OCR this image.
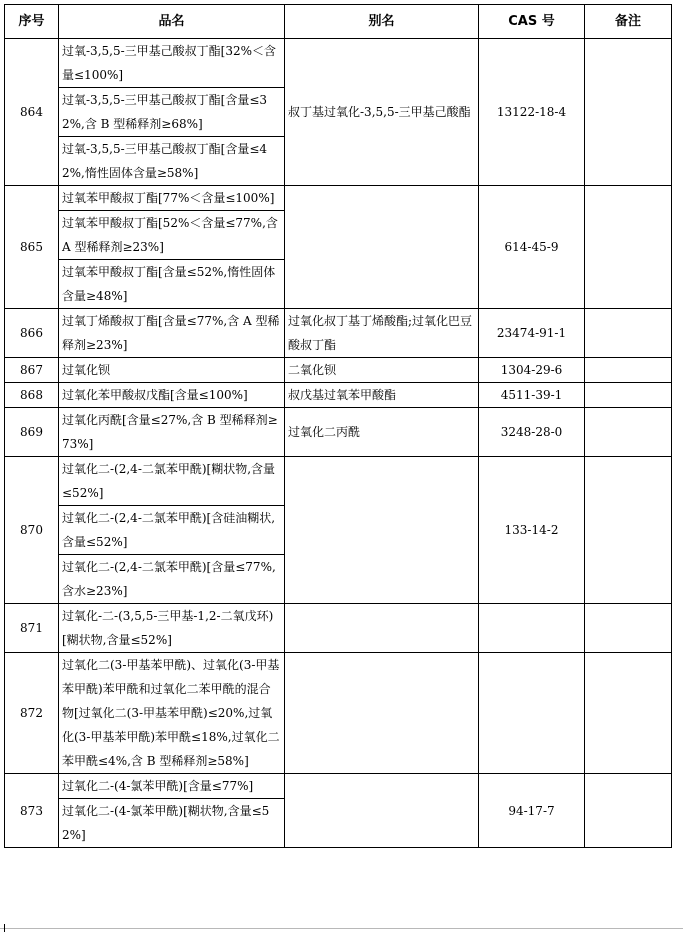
序号	品名	别名	CAS 号	备注
864	过氧-3,5,5-三甲基己酸叔丁酯[32%＜含量≤100%]	叔丁基过氧化-3,5,5-三甲基己酸酯	13122-18-4	
	过氧-3,5,5-三甲基己酸叔丁酯[含量≤32%,含 B 型稀释剂≥68%]			
	过氧-3,5,5-三甲基己酸叔丁酯[含量≤42%,惰性固体含量≥58%]			
865	过氧苯甲酸叔丁酯[77%＜含量≤100%]		614-45-9	
	过氧苯甲酸叔丁酯[52%＜含量≤77%,含 A 型稀释剂≥23%]			
	过氧苯甲酸叔丁酯[含量≤52%,惰性固体含量≥48%]			
866	过氧丁烯酸叔丁酯[含量≤77%,含 A 型稀释剂≥23%]	过氧化叔丁基丁烯酸酯;过氧化巴豆酸叔丁酯	23474-91-1	
867	过氧化钡	二氧化钡	1304-29-6	
868	过氧化苯甲酸叔戊酯[含量≤100%]	叔戊基过氧苯甲酸酯	4511-39-1	
869	过氧化丙酰[含量≤27%,含 B 型稀释剂≥73%]	过氧化二丙酰	3248-28-0	
870	过氧化二-(2,4-二氯苯甲酰)[糊状物,含量≤52%]		133-14-2	
	过氧化二-(2,4-二氯苯甲酰)[含硅油糊状,含量≤52%]			
	过氧化二-(2,4-二氯苯甲酰)[含量≤77%,含水≥23%]			
871	过氧化-二-(3,5,5-三甲基-1,2-二氧戊环)[糊状物,含量≤52%]			
872	过氧化二(3-甲基苯甲酰)、过氧化(3-甲基苯甲酰)苯甲酰和过氧化二苯甲酰的混合物[过氧化二(3-甲基苯甲酰)≤20%,过氧化(3-甲基苯甲酰)苯甲酰≤18%,过氧化二苯甲酰≤4%,含 B 型稀释剂≥58%]			
873	过氧化二-(4-氯苯甲酰)[含量≤77%]		94-17-7	
	过氧化二-(4-氯苯甲酰)[糊状物,含量≤52%]			
